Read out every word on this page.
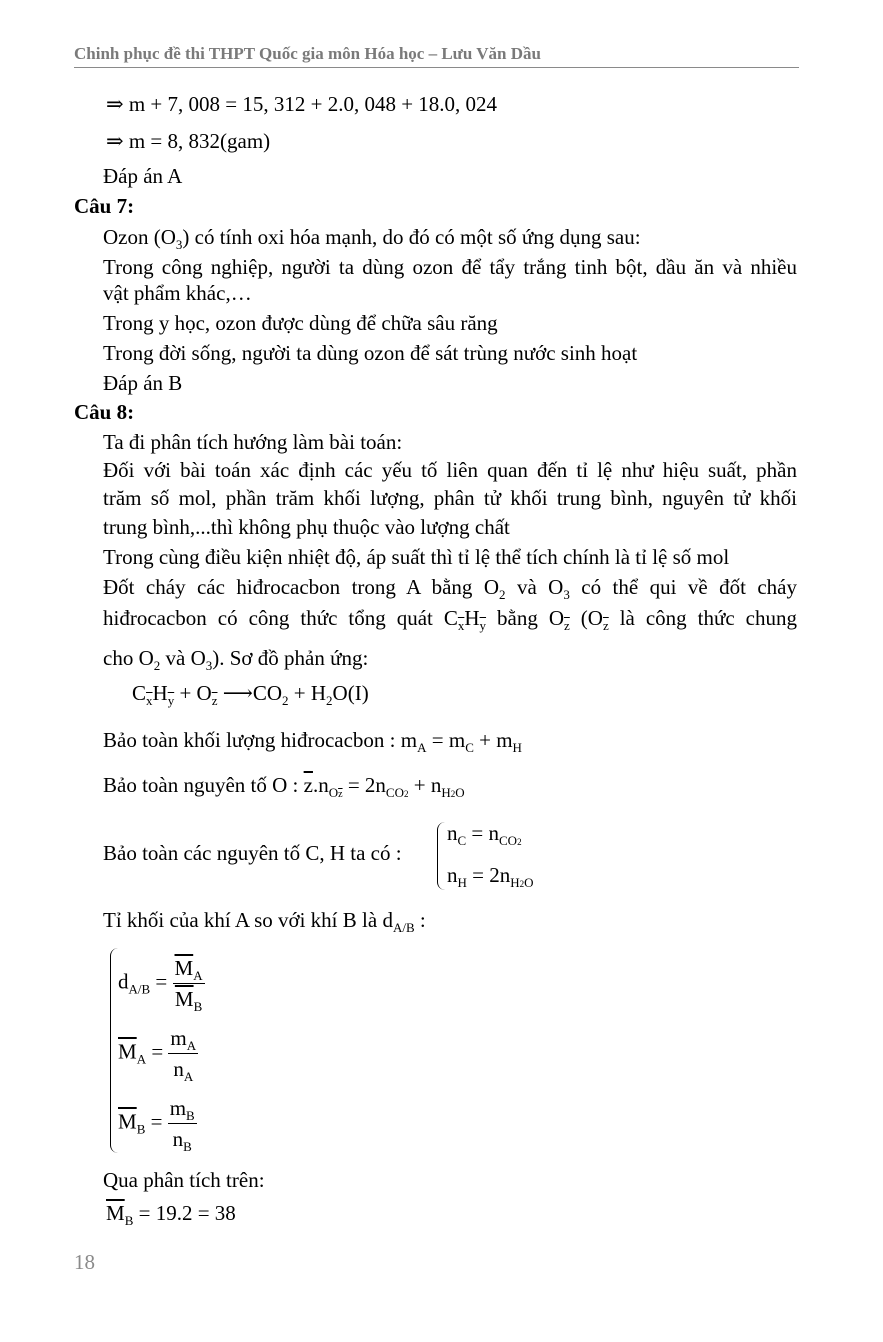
Chinh phục đề thi THPT Quốc gia môn Hóa học – Lưu Văn Dầu
⇒ m + 7, 008 = 15, 312 + 2.0, 048 + 18.0, 024
⇒ m = 8, 832(gam)
Đáp án A
Câu 7:
Ozon $(O_3)$ có tính oxi hóa mạnh, do đó có một số ứng dụng sau:
Trong công nghiệp, người ta dùng ozon để tẩy trắng tinh bột, dầu ăn và nhiều
vật phẩm khác,…
Trong y học, ozon được dùng để chữa sâu răng
Trong đời sống, người ta dùng ozon để sát trùng nước sinh hoạt
Đáp án B
Câu 8:
Ta đi phân tích hướng làm bài toán:
Đối với bài toán xác định các yếu tố liên quan đến tỉ lệ như hiệu suất, phần
trăm số mol, phần trăm khối lượng, phân tử khối trung bình, nguyên tử khối
trung bình,...thì không phụ thuộc vào lượng chất
Trong cùng điều kiện nhiệt độ, áp suất thì tỉ lệ thể tích chính là tỉ lệ số mol
Đốt cháy các hiđrocacbon trong A bằng $O_2$ và $O_3$ có thể qui về đốt cháy
hiđrocacbon có công thức tổng quát $C_{\overline{x}}H_{\overline{y}}$ bằng $O_{\overline{z}}$ ($O_{\overline{z}}$ là công thức chung
cho $O_2$ và $O_3$). Sơ đồ phản ứng:
$C_{\overline{x}}H_{\overline{y}} + O_{\overline{z}}$ $⟶CO_2 + H_2O(I)$
Bảo toàn khối lượng hiđrocacbon : $m_A = m_C + m_H$
Bảo toàn nguyên tố O : $\overline{z}.n_{O\overline{z}} = 2n_{CO2} + n_{H2O}$
Bảo toàn các nguyên tố C, H ta có :
$n_C = n_{CO2}$
$n_H = 2n_{H2O}$
Tỉ khối của khí A so với khí B là $d_{A/B}$ :
$d_{A/B} = \frac{\overline{M}_A}{\overline{M}_B}$
$\overline{M}_A = \frac{m_A}{n_A}$
$\overline{M}_B = \frac{m_B}{n_B}$
Qua phân tích trên:
$\overline{M}_B = 19.2 = 38$
18
